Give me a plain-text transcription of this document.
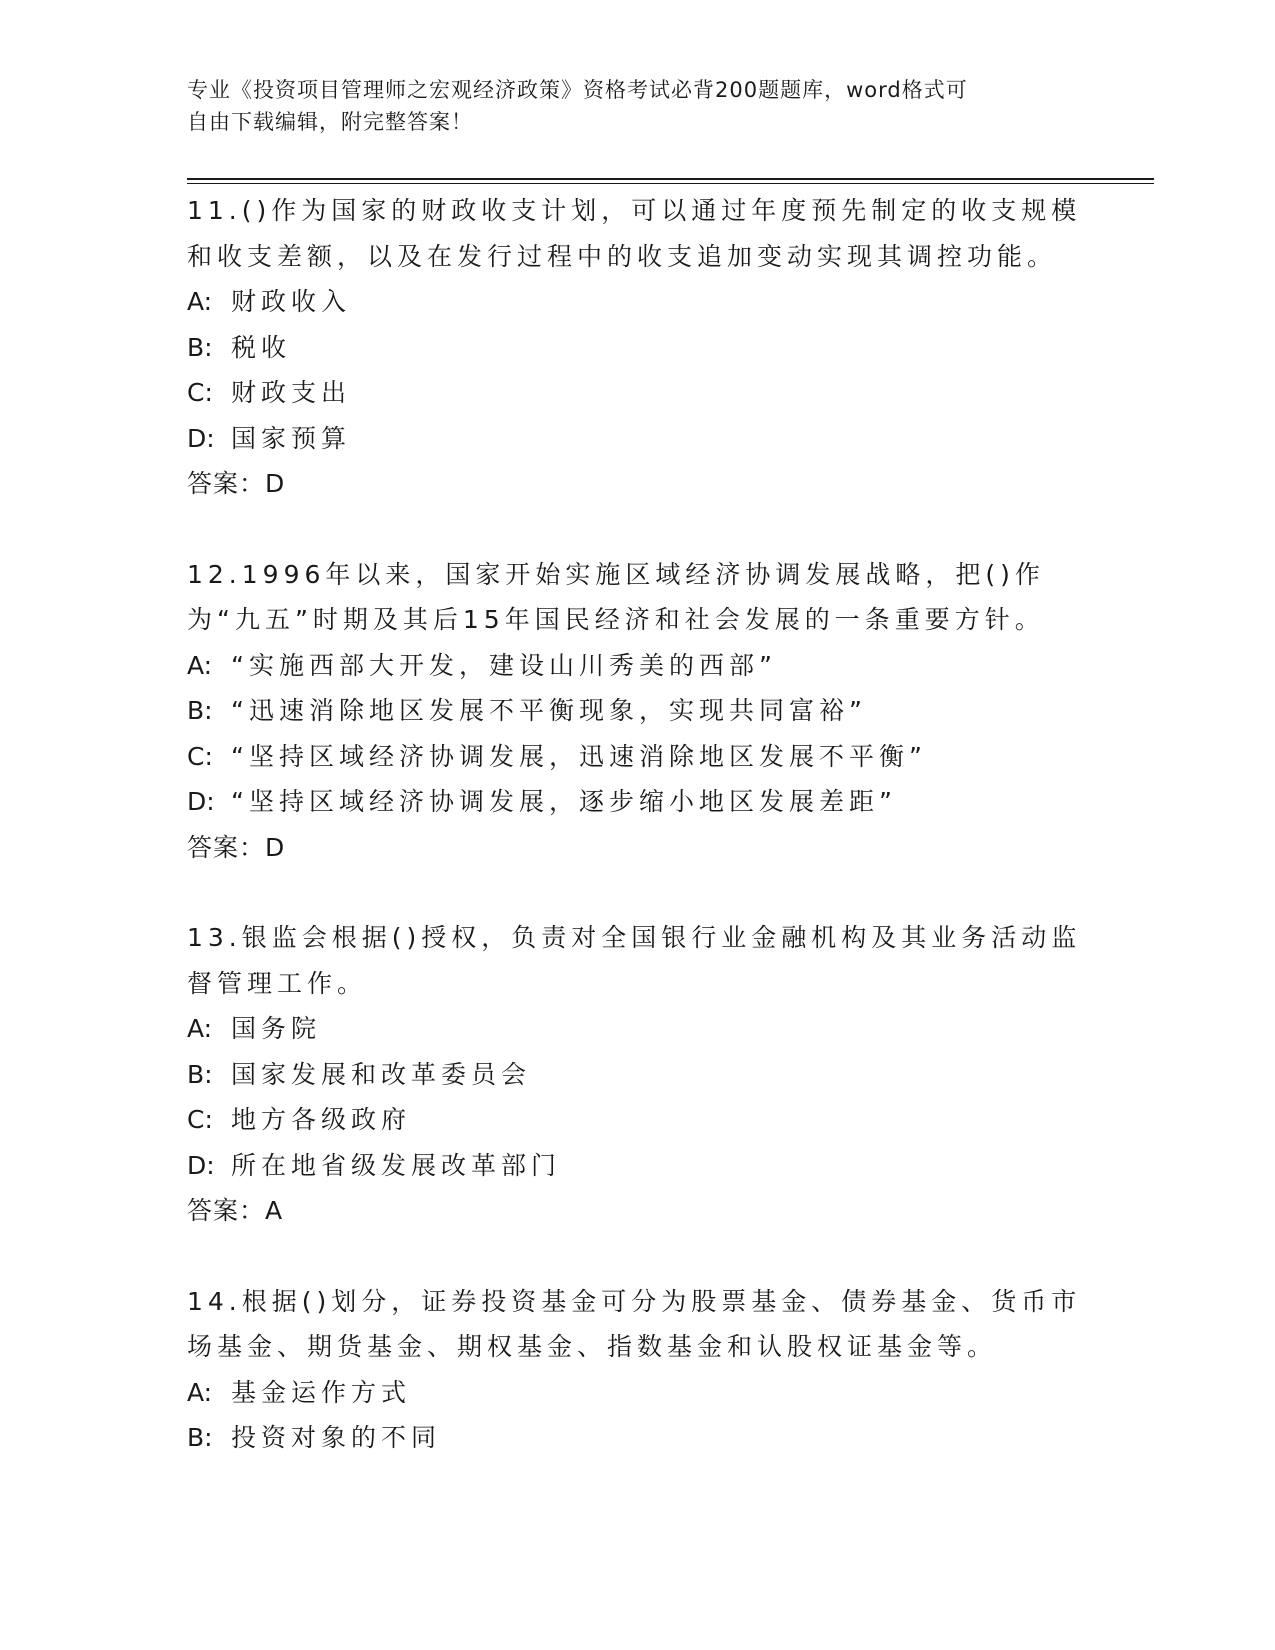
专业《投资项目管理师之宏观经济政策》资格考试必背200题题库，word格式可
自由下载编辑，附完整答案！
11.()作为国家的财政收支计划，可以通过年度预先制定的收支规模和收支差额，以及在发行过程中的收支追加变动实现其调控功能。
A: 财政收入
B: 税收
C: 财政支出
D: 国家预算
答案：D
12.1996年以来，国家开始实施区域经济协调发展战略，把()作为“九五”时期及其后15年国民经济和社会发展的一条重要方针。
A: “实施西部大开发，建设山川秀美的西部”
B: “迅速消除地区发展不平衡现象，实现共同富裕”
C: “坚持区域经济协调发展，迅速消除地区发展不平衡”
D: “坚持区域经济协调发展，逐步缩小地区发展差距”
答案：D
13.银监会根据()授权，负责对全国银行业金融机构及其业务活动监督管理工作。
A: 国务院
B: 国家发展和改革委员会
C: 地方各级政府
D: 所在地省级发展改革部门
答案：A
14.根据()划分，证券投资基金可分为股票基金、债券基金、货币市场基金、期货基金、期权基金、指数基金和认股权证基金等。
A: 基金运作方式
B: 投资对象的不同
